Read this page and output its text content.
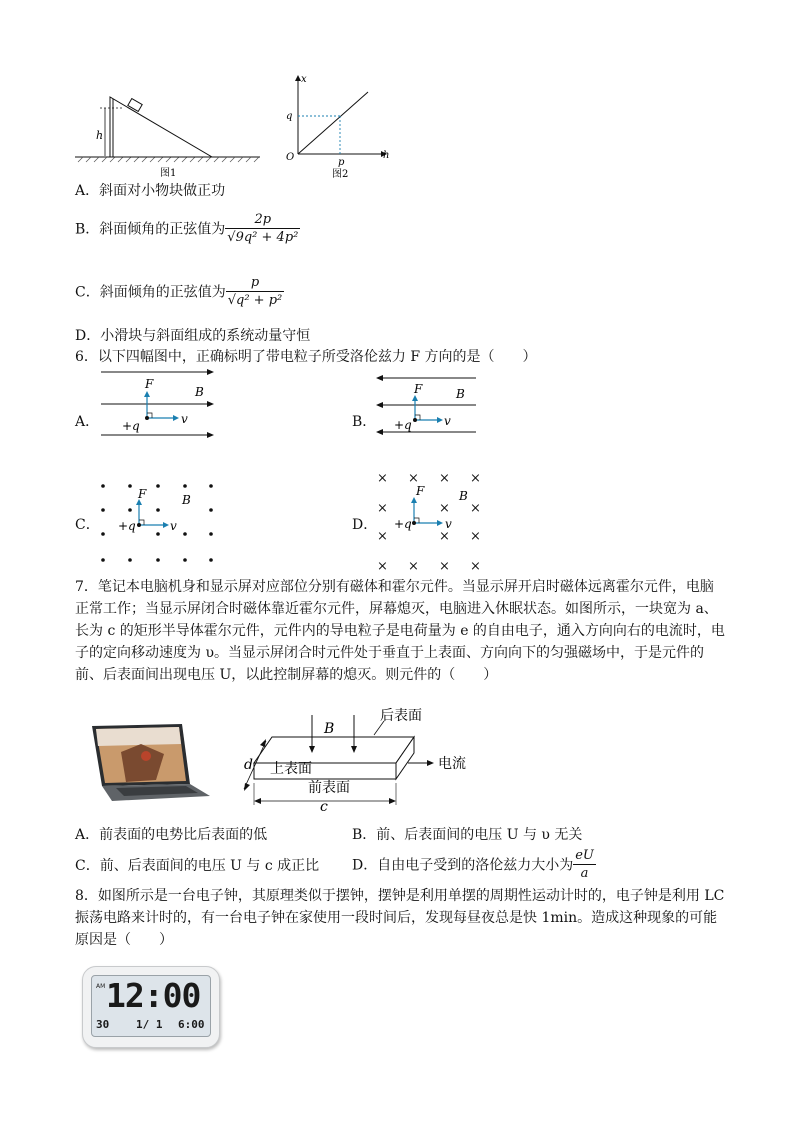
h
图1
x
q
O	p
h
图2
A．斜面对小物块做正功
B．斜面倾角的正弦值为 $\frac{2p}{\text{√9q² + 4p²}}$
C．斜面倾角的正弦值为 $\frac{p}{\text{√q² + p²}}$
D．小滑块与斜面组成的系统动量守恒
6．以下四幅图中，正确标明了带电粒子所受洛伦兹力 F 方向的是（　　）
A．
F
B
+q	v	B．
F	B
+q	v
C．
F	B
+q	v	D．
× × × ×
×	× ×
×	× ×
× × × ×
F	B
+q	v
7．笔记本电脑机身和显示屏对应部位分别有磁体和霍尔元件。当显示屏开启时磁体远离霍尔元件，电脑正常工作；当显示屏闭合时磁体靠近霍尔元件，屏幕熄灭，电脑进入休眠状态。如图所示，一块宽为 a、长为 c 的矩形半导体霍尔元件，元件内的导电粒子是电荷量为 e 的自由电子，通入方向向右的电流时，电子的定向移动速度为 υ。当显示屏闭合时元件处于垂直于上表面、方向向下的匀强磁场中，于是元件的前、后表面间出现电压 U，以此控制屏幕的熄灭。则元件的（　　）
后表面
B
上表面
前表面
电流
d
c
A．前表面的电势比后表面的低	B．前、后表面间的电压 U 与 υ 无关
C．前、后表面间的电压 U 与 c 成正比 D．自由电子受到的洛伦兹力大小为 $\frac{eU}{a}$
8．如图所示是一台电子钟，其原理类似于摆钟，摆钟是利用单摆的周期性运动计时的，电子钟是利用 LC 振荡电路来计时的，有一台电子钟在家使用一段时间后，发现每昼夜总是快 1min。造成这种现象的可能原因是（　　）
AM 12:00
30 1/ 1 6:00
